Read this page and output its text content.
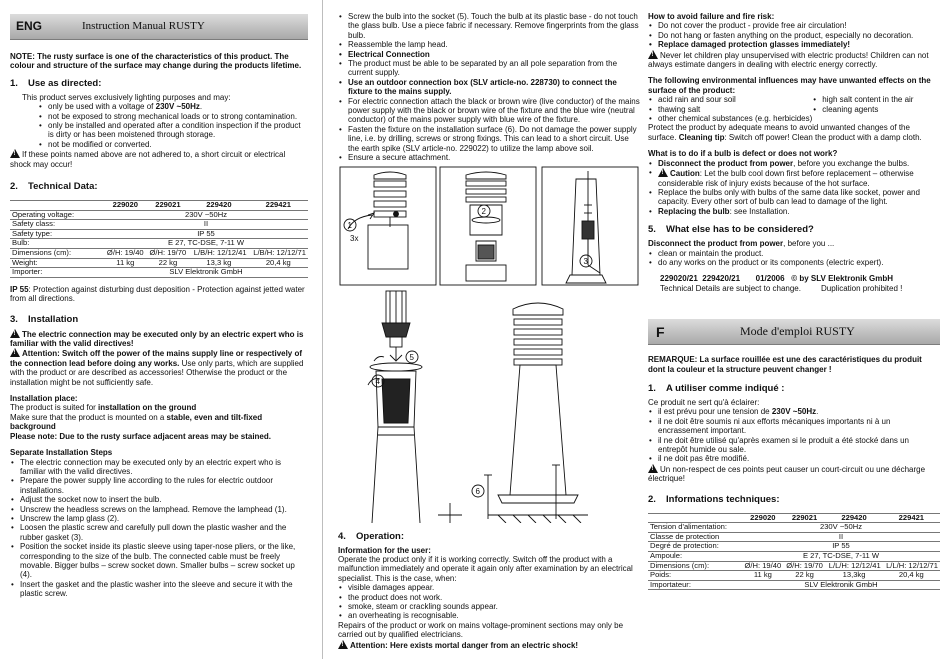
ENG	Instruction Manual RUSTY

NOTE: The rusty surface is one of the characteristics of this product. The colour and structure of the surface may change during the products lifetime.

1. Use as directed:

This product serves exclusively lighting purposes and may:

• only be used with a voltage of 230V ~50Hz.
• not be exposed to strong mechanical loads or to strong contamination.
• only be installed and operated after a condition inspection if the product is dirty or has been moistened through storage.
• not be modified or converted.

!If these points named above are not adhered to, a short circuit or electrical shock may occur!

2. Technical Data:
	229020	229021	229420	229421
Operating voltage:	230V ~50Hz			
Safety class:	II			
Safety type:	IP 55			
Bulb:	E 27, TC-DSE, 7-11 W			
Dimensions (cm):	Ø/H: 19/40	Ø/H: 19/70	L/B/H: 12/12/41	L/B/H: 12/12/71
Weight:	11 kg	22 kg	13,3 kg	20,4 kg
Importer:	SLV Elektronik GmbH			

IP 55: Protection against disturbing dust deposition - Protection against jetted water from all directions.

3. Installation

!The electric connection may be executed only by an electric expert who is familiar with the valid directives!

!Attention: Switch off the power of the mains supply line or respectively of the connection lead before doing any works. Use only parts, which are supplied with the product or are described as accessories! Otherwise the product or the installation might be not sufficiently safe.

Installation place:

The product is suited for installation on the ground

Make sure that the product is mounted on a stable, even and tilt-fixed background

Please note: Due to the rusty surface adjacent areas may be stained.

Separate Installation Steps

• The electric connection may be executed only by an electric expert who is familiar with the valid directives.
• Prepare the power supply line according to the rules for electric outdoor installations.
• Adjust the socket now to insert the bulb.
• Unscrew the headless screws on the lamphead. Remove the lamphead (1).
• Unscrew the lamp glass (2).
• Loosen the plastic screw and carefully pull down the plastic washer and the rubber gasket (3).
• Position the socket inside its plastic sleeve using taper-nose pliers, or the like, corresponding to the size of the bulb. The connected cable must be freely movable. Bigger bulbs – screw socket down. Smaller bulbs – screw socket up (4).
• Insert the gasket and the plastic washer into the sleeve and secure it with the plastic screw.
• Screw the bulb into the socket (5). Touch the bulb at its plastic base - do not touch the glass bulb. Use a piece fabric if necessary. Remove fingerprints from the glass bulb.
• Reassemble the lamp head.
• Electrical Connection
• The product must be able to be separated by an all pole separation from the current supply.
• Use an outdoor connection box (SLV article-no. 228730) to connect the fixture to the mains supply.
• For electric connection attach the black or brown wire (live conductor) of the mains power supply with the black or brown wire of the fixture and the blue wire (neutral conductor) of the mains power supply with blue wire of the fixture.
• Fasten the fixture on the installation surface (6). Do not damage the power supply line, i.e. by drilling, screws or strong fixings. This can lead to a short circuit. Use the earth spike (SLV article-no. 229022) to utilize the lamp above soil.
• Ensure a secure attachment.
1
2
3
4
5
6
3x
4. Operation:

Information for the user:

Operate the product only if it is working correctly. Switch off the product with a malfunction immediately and operate it again only after examination by an electrical specialist. This is the case, when:

• visible damages appear.
• the product does not work.
• smoke, steam or crackling sounds appear.
• an overheating is recognisable.

Repairs of the product or work on mains voltage-prominent sections may only be carried out by qualified electricians.

!Attention: Here exists mortal danger from an electric shock!

How to avoid failure and fire risk:

• Do not cover the product - provide free air circulation!
• Do not hang or fasten anything on the product, especially no decoration.
• Replace damaged protection glasses immediately!

!Never let children play unsupervised with electric products! Children can not always estimate dangers in dealing with electric energy correctly.

The following environmental influences may have unwanted effects on the surface of the product:

• acid rain and sour soil
• thawing salt
• other chemical substances (e.g. herbicides)
• high salt content in the air
• cleaning agents

Protect the product by adequate means to avoid unwanted changes of the surface. Cleaning tip: Switch off power! Clean the product with a damp cloth.

What is to do if a bulb is defect or does not work?

• Disconnect the product from power, before you exchange the bulbs.
!• Caution: Let the bulb cool down first before replacement – otherwise considerable risk of injury exists because of the hot surface.
• Replace the bulbs only with bulbs of the same data like socket, power and capacity. Every other sort of bulb can lead to damage of the light.
• Replacing the bulb: see Installation.
5. What else has to be considered?

Disconnect the product from power, before you ...

• clean or maintain the product.
• do any works on the product or its components (electric expert).

229020/21  229420/21       01/2006   © by SLV Elektronik GmbH

Technical Details are subject to change.         Duplication prohibited !

F	Mode d'emploi RUSTY

REMARQUE: La surface rouillée est une des caractéristiques du produit dont la couleur et la structure peuvent changer !

1. A utiliser comme indiqué :

Ce produit ne sert qu'à éclairer:

• il est prévu pour une tension de 230V ~50Hz.
• il ne doit être soumis ni aux efforts mécaniques importants ni à un encrassement important.
• il ne doit être utilisé qu'après examen si le produit a été stocké dans un entrepôt humide ou sale.
• il ne doit pas être modifié.

!Un non-respect de ces points peut causer un court-circuit ou une décharge électrique!

2. Informations techniques:
	229020	229021	229420	229421
Tension d'alimentation:	230V ~50Hz			
Classe de protection	II			
Degré de protection:	IP 55			
Ampoule:	E 27, TC-DSE, 7-11 W			
Dimensions (cm):	Ø/H: 19/40	Ø/H: 19/70	L/L/H: 12/12/41	L/L/H: 12/12/71
Poids:	11 kg	22 kg	13,3kg	20,4 kg
Importateur:	SLV Elektronik GmbH			
